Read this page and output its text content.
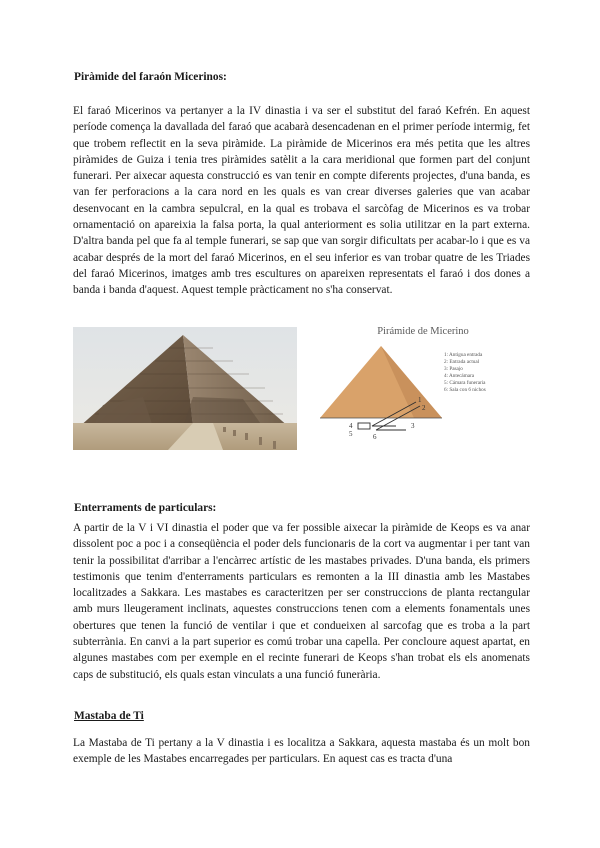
Piràmide del faraón Micerinos:

El faraó Micerinos va pertanyer a la IV dinastia i va ser el substitut del faraó Kefrén. En aquest període comença la davallada del faraó que acabarà desencadenan en el primer període intermig, fet que trobem reflectit en la seva piràmide. La piràmide de Micerinos era més petita que les altres piràmides de Guiza i tenia tres piràmides satèlit a la cara meridional que formen part del conjunt funerari. Per aixecar aquesta construcció es van tenir en compte diferents projectes, d'una banda, es van fer perforacions a la cara nord en les quals es van crear diverses galeries que van acabar desenvocant en la cambra sepulcral, en la qual es trobava el sarcòfag de Micerinos es va trobar ornamentació on apareixia la falsa porta, la qual anteriorment es solia utilitzar en la part externa. D'altra banda pel que fa al temple funerari, se sap que van sorgir dificultats per acabar-lo i que es va acabar després de la mort del faraó Micerinos, en el seu inferior es van trobar quatre de les Triades del faraó Micerinos, imatges amb tres escultures on apareixen representats el faraó i dos dones a banda i banda d'aquest. Aquest temple pràcticament no s'ha conservat.

Pirámide de Micerino
1
2
3
4
5	6
1: Antigua entrada
2: Entrada actual
3: Pasajo
4: Antecámara
5: Cámara funeraria
6: Sala con 6 nichos
Enterraments de particulars:

A partir de la V i VI dinastia el poder que va fer possible aixecar la piràmide de Keops es va anar dissolent poc a poc i a conseqüència el poder dels funcionaris de la cort va augmentar i per tant van tenir la possibilitat d'arribar a l'encàrrec artístic de les mastabes privades. D'una banda, els primers testimonis que tenim d'enterraments particulars es remonten a la III dinastia amb les Mastabes localitzades a Sakkara. Les mastabes es caracteritzen per ser construccions de planta rectangular amb murs lleugerament inclinats, aquestes construccions tenen com a elements fonamentals unes obertures que tenen la funció de ventilar i que et condueixen al sarcofag que es troba a la part subterrània. En canvi a la part superior es comú trobar una capella. Per concloure aquest apartat, en algunes mastabes com per exemple en el recinte funerari de Keops s'han trobat els els anomenats caps de substitució, els quals estan vinculats a una funció funerària.

Mastaba de Ti

La Mastaba de Ti pertany a la V dinastia i es localitza a Sakkara, aquesta mastaba és un molt bon exemple de les Mastabes encarregades per particulars. En aquest cas es tracta d'una
